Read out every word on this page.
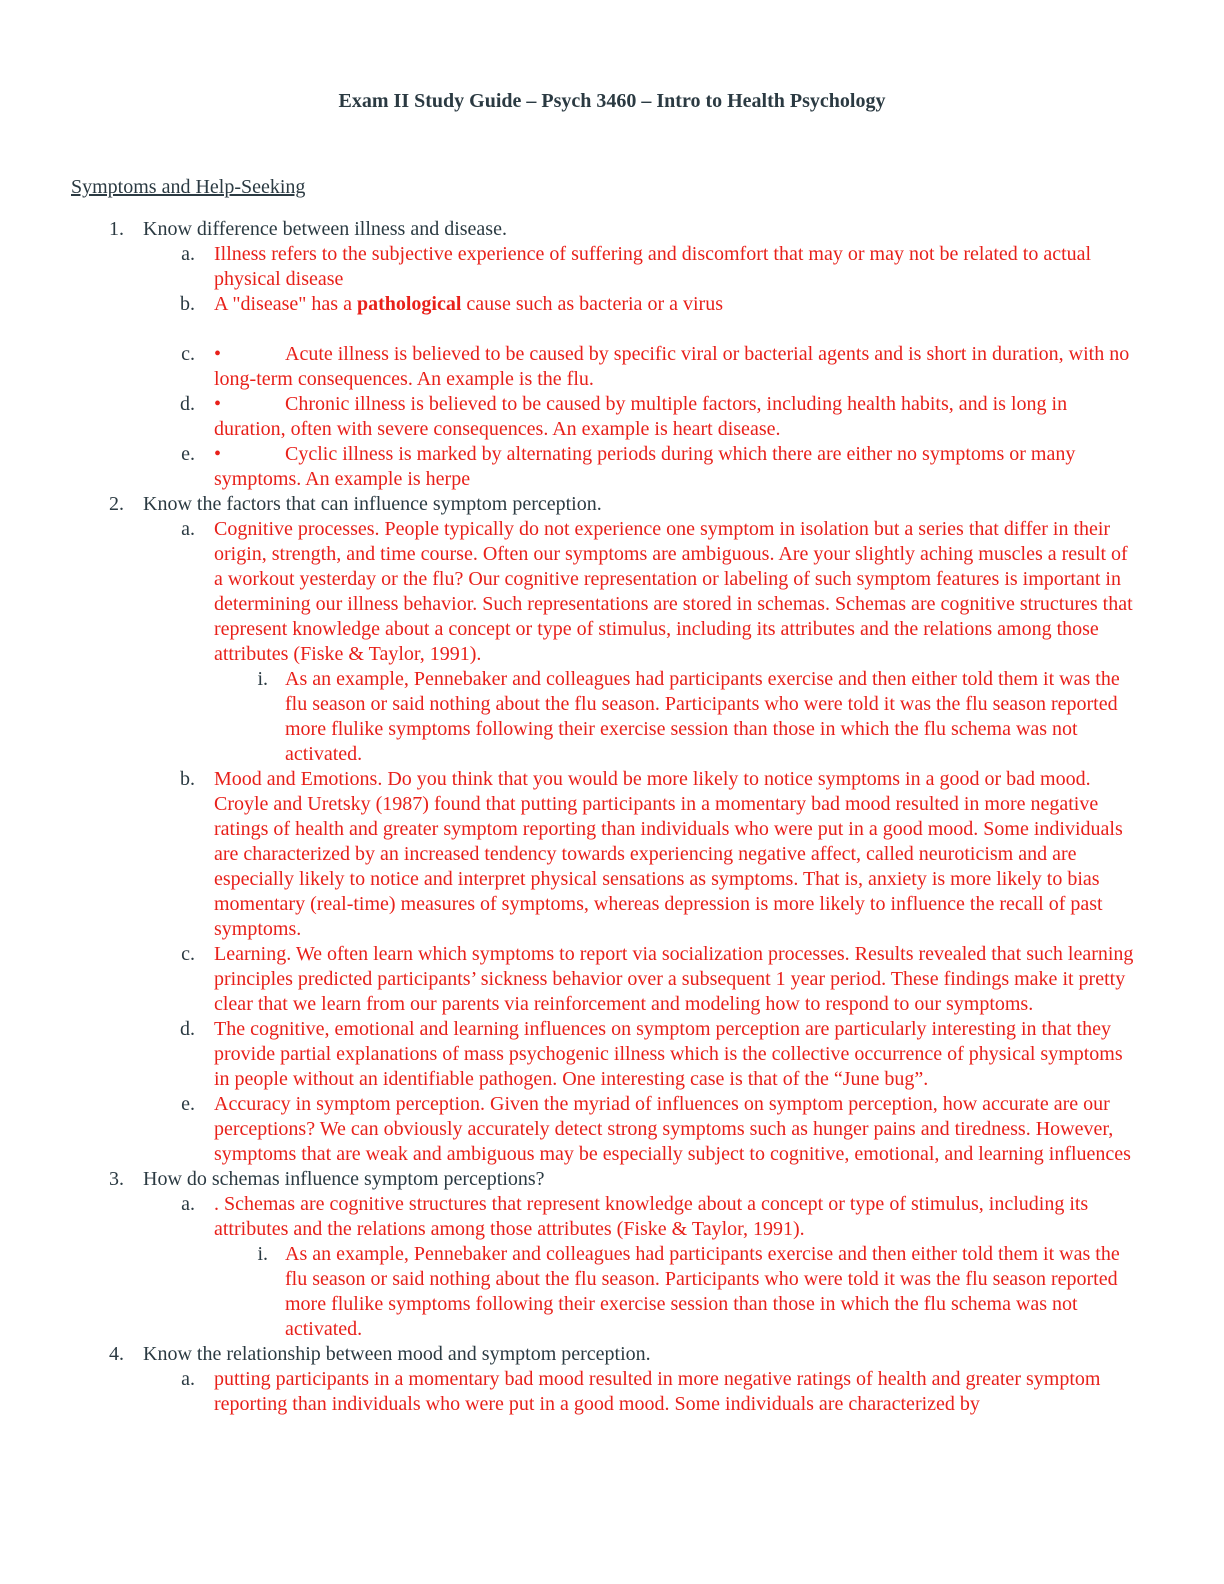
Exam II Study Guide – Psych 3460 – Intro to Health Psychology
Symptoms and Help-Seeking
1. Know difference between illness and disease.
a. Illness refers to the subjective experience of suffering and discomfort that may or may not be related to actual physical disease
b. A "disease" has a pathological cause such as bacteria or a virus
c. •	Acute illness is believed to be caused by specific viral or bacterial agents and is short in duration, with no long-term consequences. An example is the flu.
d. •	Chronic illness is believed to be caused by multiple factors, including health habits, and is long in duration, often with severe consequences. An example is heart disease.
e. •	Cyclic illness is marked by alternating periods during which there are either no symptoms or many symptoms. An example is herpe
2. Know the factors that can influence symptom perception.
a. Cognitive processes. People typically do not experience one symptom in isolation but a series that differ in their origin, strength, and time course. Often our symptoms are ambiguous. Are your slightly aching muscles a result of a workout yesterday or the flu? Our cognitive representation or labeling of such symptom features is important in determining our illness behavior. Such representations are stored in schemas. Schemas are cognitive structures that represent knowledge about a concept or type of stimulus, including its attributes and the relations among those attributes (Fiske & Taylor, 1991).
i. As an example, Pennebaker and colleagues had participants exercise and then either told them it was the flu season or said nothing about the flu season. Participants who were told it was the flu season reported more flulike symptoms following their exercise session than those in which the flu schema was not activated.
b. Mood and Emotions. Do you think that you would be more likely to notice symptoms in a good or bad mood. Croyle and Uretsky (1987) found that putting participants in a momentary bad mood resulted in more negative ratings of health and greater symptom reporting than individuals who were put in a good mood. Some individuals are characterized by an increased tendency towards experiencing negative affect, called neuroticism and are especially likely to notice and interpret physical sensations as symptoms. That is, anxiety is more likely to bias momentary (real-time) measures of symptoms, whereas depression is more likely to influence the recall of past symptoms.
c. Learning. We often learn which symptoms to report via socialization processes. Results revealed that such learning principles predicted participants’ sickness behavior over a subsequent 1 year period. These findings make it pretty clear that we learn from our parents via reinforcement and modeling how to respond to our symptoms.
d. The cognitive, emotional and learning influences on symptom perception are particularly interesting in that they provide partial explanations of mass psychogenic illness which is the collective occurrence of physical symptoms in people without an identifiable pathogen. One interesting case is that of the “June bug”.
e. Accuracy in symptom perception. Given the myriad of influences on symptom perception, how accurate are our perceptions? We can obviously accurately detect strong symptoms such as hunger pains and tiredness. However, symptoms that are weak and ambiguous may be especially subject to cognitive, emotional, and learning influences
3. How do schemas influence symptom perceptions?
a. . Schemas are cognitive structures that represent knowledge about a concept or type of stimulus, including its attributes and the relations among those attributes (Fiske & Taylor, 1991).
i. As an example, Pennebaker and colleagues had participants exercise and then either told them it was the flu season or said nothing about the flu season. Participants who were told it was the flu season reported more flulike symptoms following their exercise session than those in which the flu schema was not activated.
4. Know the relationship between mood and symptom perception.
a. putting participants in a momentary bad mood resulted in more negative ratings of health and greater symptom reporting than individuals who were put in a good mood. Some individuals are characterized by
